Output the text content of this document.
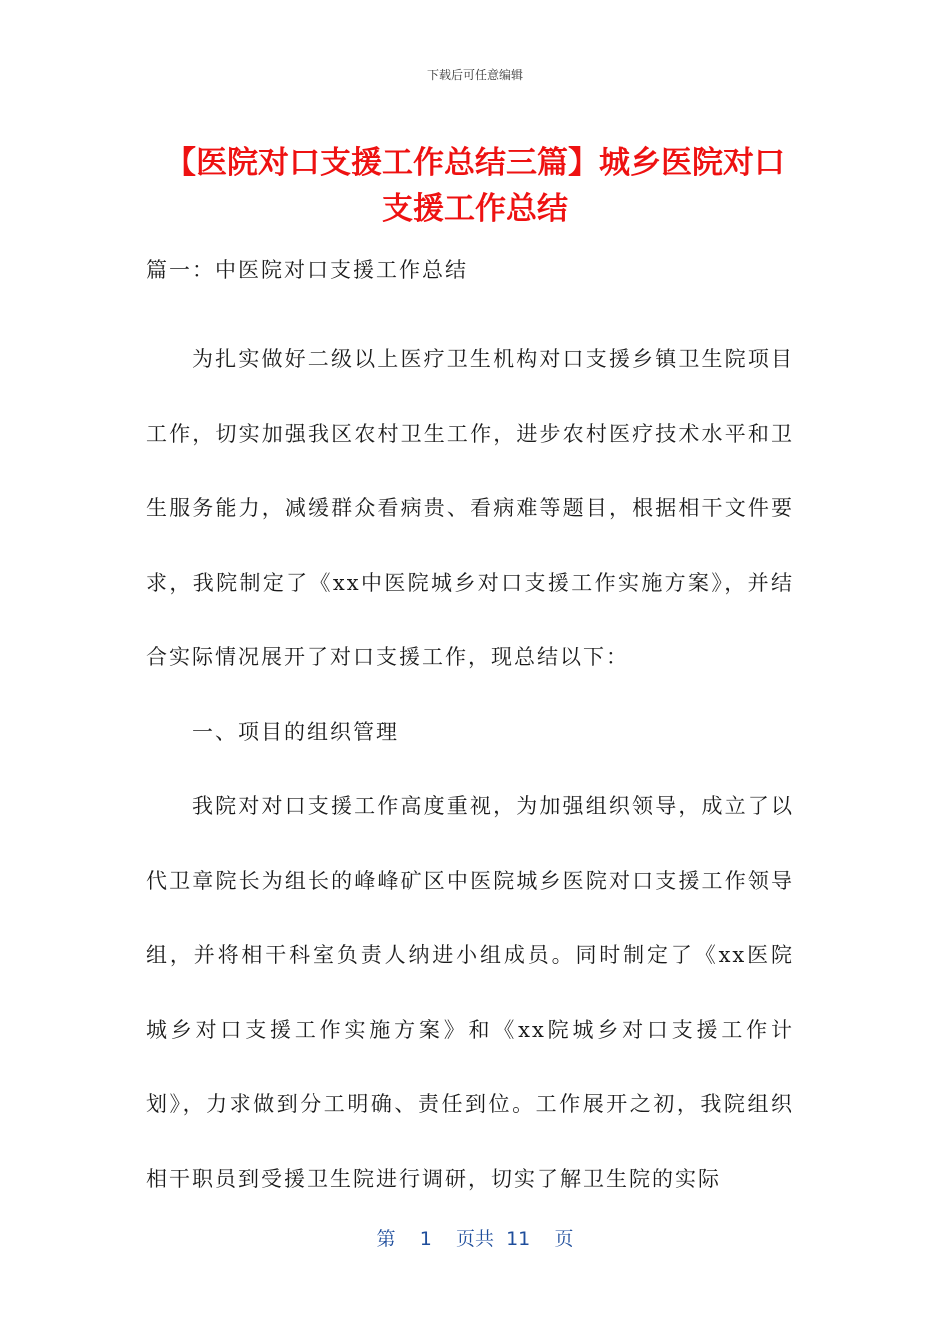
下载后可任意编辑
【医院对口支援工作总结三篇】城乡医院对口支援工作总结

篇一：中医院对口支援工作总结

为扎实做好二级以上医疗卫生机构对口支援乡镇卫生院项目工作，切实加强我区农村卫生工作，进步农村医疗技术水平和卫生服务能力，减缓群众看病贵、看病难等题目，根据相干文件要求，我院制定了《xx中医院城乡对口支援工作实施方案》，并结合实际情况展开了对口支援工作，现总结以下：

一、项目的组织管理

我院对对口支援工作高度重视，为加强组织领导，成立了以代卫章院长为组长的峰峰矿区中医院城乡医院对口支援工作领导组，并将相干科室负责人纳进小组成员。同时制定了《xx医院城乡对口支援工作实施方案》和《xx院城乡对口支援工作计划》，力求做到分工明确、责任到位。工作展开之初，我院组织相干职员到受援卫生院进行调研，切实了解卫生院的实际

第 1 页共 11 页
